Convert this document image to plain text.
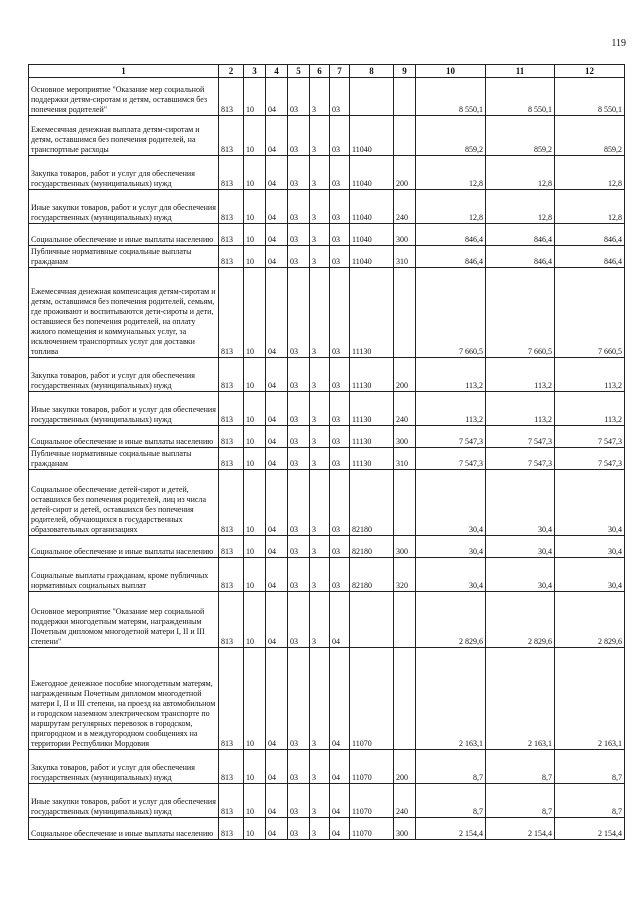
119
1	2	3	4	5	6	7	8	9	10	11	12
Основное мероприятие "Оказание мер социальной поддержки детям-сиротам и детям, оставшимся без попечения родителей"	813	10	04	03	3	03			8 550,1	8 550,1	8 550,1
Ежемесячная денежная выплата детям-сиротам и детям, оставшимся без попечения родителей, на транспортные расходы	813	10	04	03	3	03	11040		859,2	859,2	859,2
Закупка товаров, работ и услуг для обеспечения государственных (муниципальных) нужд	813	10	04	03	3	03	11040	200	12,8	12,8	12,8
Иные закупки товаров, работ и услуг для обеспечения государственных (муниципальных) нужд	813	10	04	03	3	03	11040	240	12,8	12,8	12,8
Социальное обеспечение и иные выплаты населению	813	10	04	03	3	03	11040	300	846,4	846,4	846,4
Публичные нормативные социальные выплаты гражданам	813	10	04	03	3	03	11040	310	846,4	846,4	846,4
Ежемесячная денежная компенсация детям-сиротам и детям, оставшимся без попечения родителей, семьям, где проживают и воспитываются дети-сироты и дети, оставшиеся без попечения родителей, на оплату жилого помещения и коммунальных услуг, за исключением транспортных услуг для доставки топлива	813	10	04	03	3	03	11130		7 660,5	7 660,5	7 660,5
Закупка товаров, работ и услуг для обеспечения государственных (муниципальных) нужд	813	10	04	03	3	03	11130	200	113,2	113,2	113,2
Иные закупки товаров, работ и услуг для обеспечения государственных (муниципальных) нужд	813	10	04	03	3	03	11130	240	113,2	113,2	113,2
Социальное обеспечение и иные выплаты населению	813	10	04	03	3	03	11130	300	7 547,3	7 547,3	7 547,3
Публичные нормативные социальные выплаты гражданам	813	10	04	03	3	03	11130	310	7 547,3	7 547,3	7 547,3
Социальное обеспечение детей-сирот и детей, оставшихся без попечения родителей, лиц из числа детей-сирот и детей, оставшихся без попечения родителей, обучающихся в государственных образовательных организациях	813	10	04	03	3	03	82180		30,4	30,4	30,4
Социальное обеспечение и иные выплаты населению	813	10	04	03	3	03	82180	300	30,4	30,4	30,4
Социальные выплаты гражданам, кроме публичных нормативных социальных выплат	813	10	04	03	3	03	82180	320	30,4	30,4	30,4
Основное мероприятие "Оказание мер социальной поддержки многодетным матерям, награжденным Почетным дипломом многодетной матери I, II и III степени"	813	10	04	03	3	04			2 829,6	2 829,6	2 829,6
Ежегодное денежное пособие многодетным матерям, награжденным Почетным дипломом многодетной матери I, II и III степени, на проезд на автомобильном и городском наземном электрическом транспорте по маршрутам регулярных перевозок в городском, пригородном и в междугородном сообщениях на территории Республики Мордовия	813	10	04	03	3	04	11070		2 163,1	2 163,1	2 163,1
Закупка товаров, работ и услуг для обеспечения государственных (муниципальных) нужд	813	10	04	03	3	04	11070	200	8,7	8,7	8,7
Иные закупки товаров, работ и услуг для обеспечения государственных (муниципальных) нужд	813	10	04	03	3	04	11070	240	8,7	8,7	8,7
Социальное обеспечение и иные выплаты населению	813	10	04	03	3	04	11070	300	2 154,4	2 154,4	2 154,4
